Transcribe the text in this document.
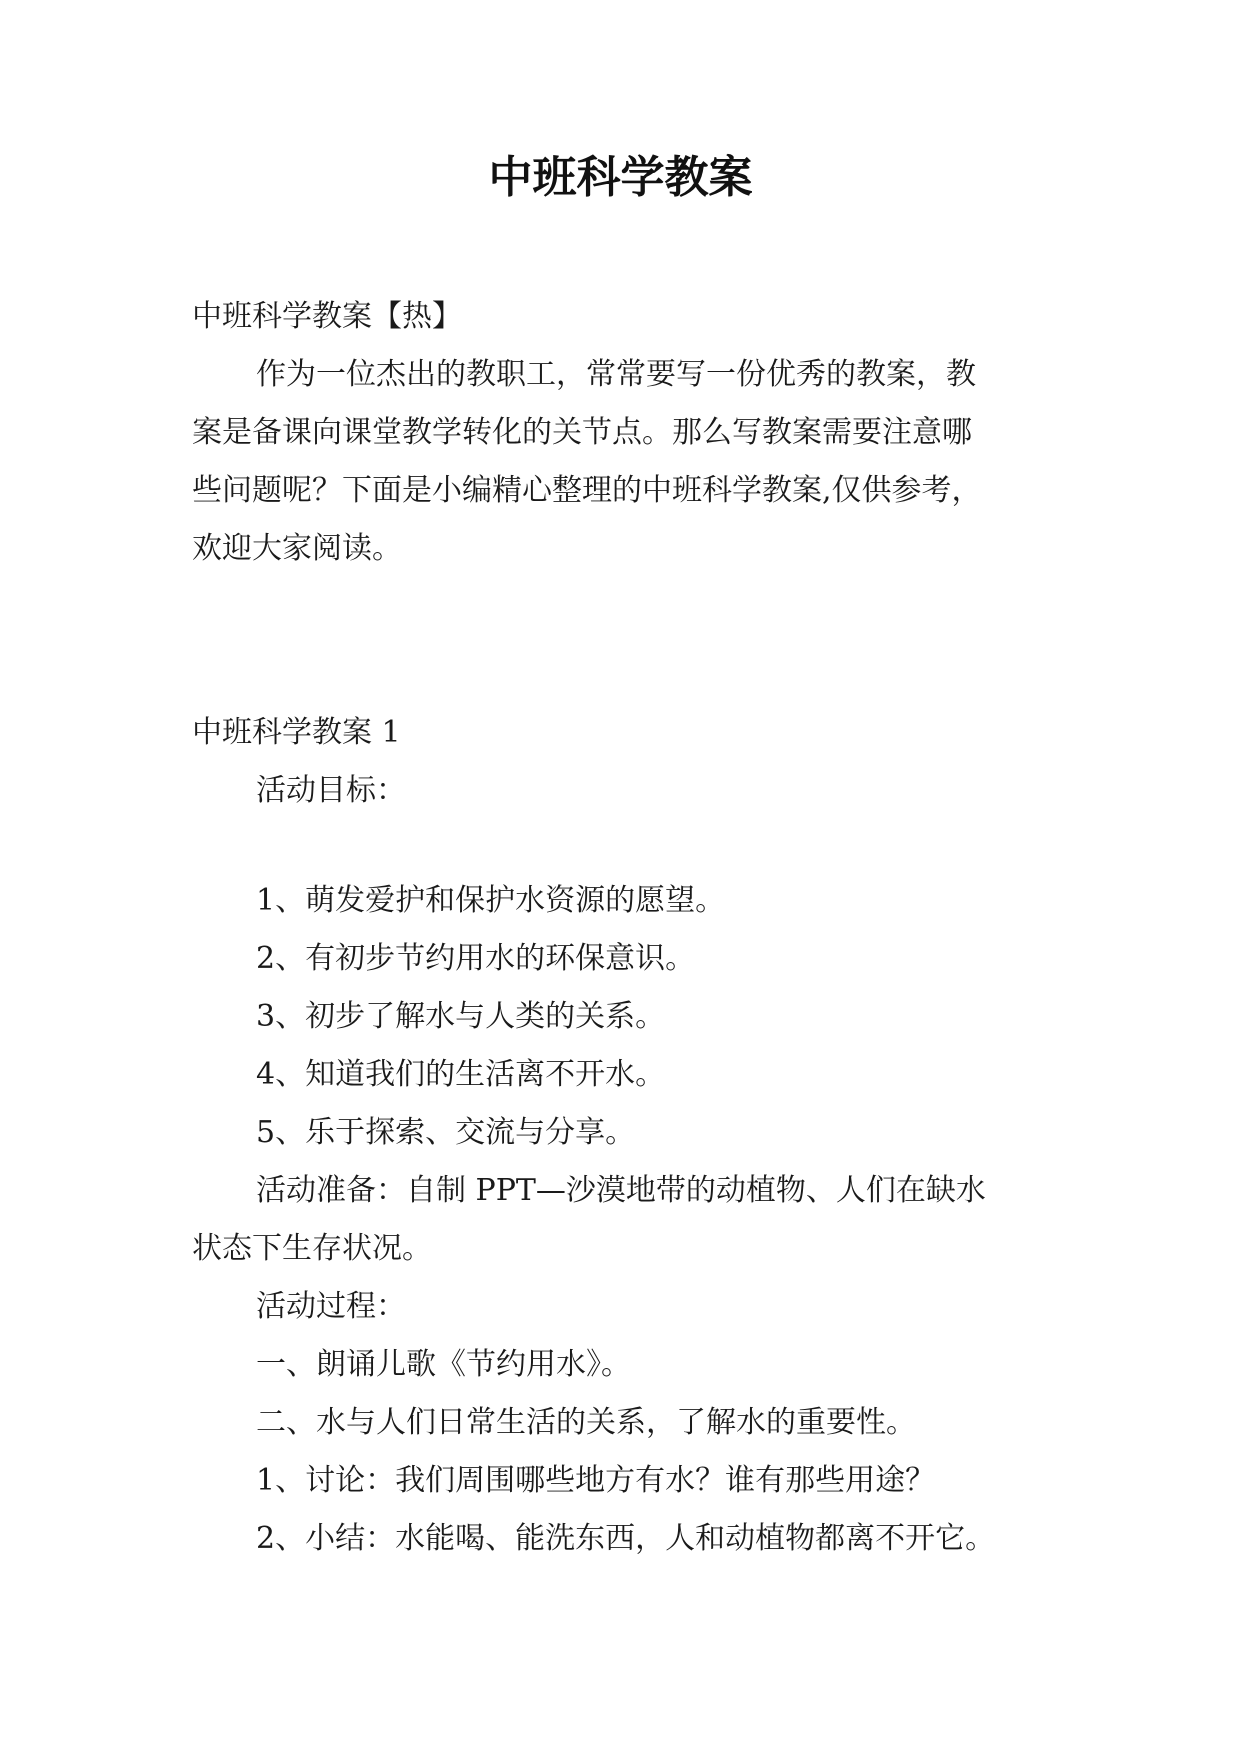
中班科学教案
中班科学教案【热】
作为一位杰出的教职工，常常要写一份优秀的教案，教
案是备课向课堂教学转化的关节点。那么写教案需要注意哪
些问题呢？下面是小编精心整理的中班科学教案,仅供参考，
欢迎大家阅读。
中班科学教案 1
活动目标：
1、萌发爱护和保护水资源的愿望。
2、有初步节约用水的环保意识。
3、初步了解水与人类的关系。
4、知道我们的生活离不开水。
5、乐于探索、交流与分享。
活动准备：自制 PPT—沙漠地带的动植物、人们在缺水
状态下生存状况。
活动过程：
一、朗诵儿歌《节约用水》。
二、水与人们日常生活的关系，了解水的重要性。
1、讨论：我们周围哪些地方有水？谁有那些用途？
2、小结：水能喝、能洗东西，人和动植物都离不开它。
